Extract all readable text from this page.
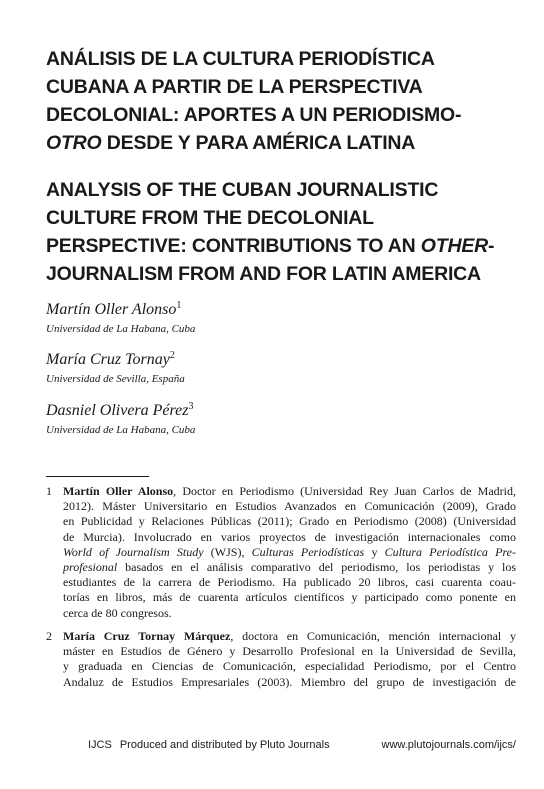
ANÁLISIS DE LA CULTURA PERIODÍSTICA
CUBANA A PARTIR DE LA PERSPECTIVA
DECOLONIAL: APORTES A UN PERIODISMO-
OTRO DESDE Y PARA AMÉRICA LATINA
ANALYSIS OF THE CUBAN JOURNALISTIC
CULTURE FROM THE DECOLONIAL
PERSPECTIVE: CONTRIBUTIONS TO AN OTHER-
JOURNALISM FROM AND FOR LATIN AMERICA
Martín Oller Alonso$^1$
Universidad de La Habana, Cuba
María Cruz Tornay$^2$
Universidad de Sevilla, España
Dasniel Olivera Pérez$^3$
Universidad de La Habana, Cuba
1 Martín Oller Alonso, Doctor en Periodismo (Universidad Rey Juan Carlos de Madrid,
2012). Máster Universitario en Estudios Avanzados en Comunicación (2009), Grado
en Publicidad y Relaciones Públicas (2011); Grado en Periodismo (2008) (Universidad
de Murcia). Involucrado en varios proyectos de investigación internacionales como
World of Journalism Study (WJS), Culturas Periodísticas y Cultura Periodística Pre-
profesional basados en el análisis comparativo del periodismo, los periodistas y los
estudiantes de la carrera de Periodismo. Ha publicado 20 libros, casi cuarenta coau-
torías en libros, más de cuarenta artículos científicos y participado como ponente en
cerca de 80 congresos.
2 María Cruz Tornay Márquez, doctora en Comunicación, mención internacional y
máster en Estudios de Género y Desarrollo Profesional en la Universidad de Sevilla,
y graduada en Ciencias de Comunicación, especialidad Periodismo, por el Centro
Andaluz de Estudios Empresariales (2003). Miembro del grupo de investigación de
IJCS Produced and distributed by Pluto Journals	www.plutojournals.com/ijcs/
